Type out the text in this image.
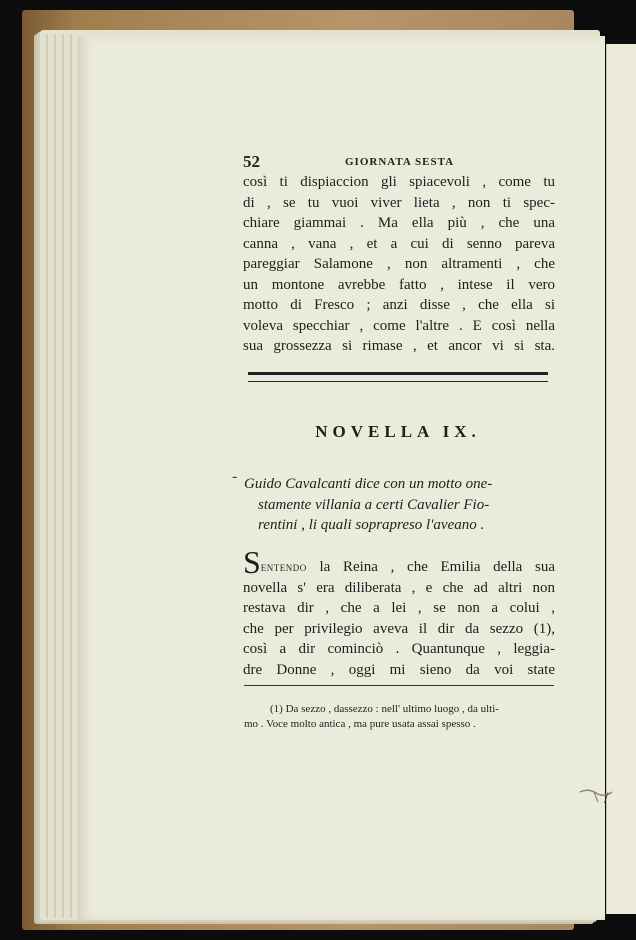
52	GIORNATA SESTA
così ti dispiaccion gli spiacevoli , come tu
di , se tu vuoi viver lieta , non ti spec-
chiare giammai . Ma ella più , che una
canna , vana , et a cui di senno pareva
pareggiar Salamone , non altramenti , che
un montone avrebbe fatto , intese il vero
motto di Fresco ; anzi disse , che ella si
voleva specchiar , come l'altre . E così nella
sua grossezza si rimase , et ancor vi si sta.
NOVELLA IX.
- Guido Cavalcanti dice con un motto one-
stamente villania a certi Cavalier Fio-
rentini , li quali soprapreso l'aveano .
Sentendo la Reina , che Emilia della sua
novella s' era diliberata , e che ad altri non
restava dir , che a lei , se non a colui ,
che per privilegio aveva il dir da sezzo (1),
così a dir cominciò . Quantunque , leggia-
dre Donne , oggi mi sieno da voi state
(1) Da sezzo , dassezzo : nell' ultimo luogo , da ulti-
mo . Voce molto antica , ma pure usata assai spesso .
/
